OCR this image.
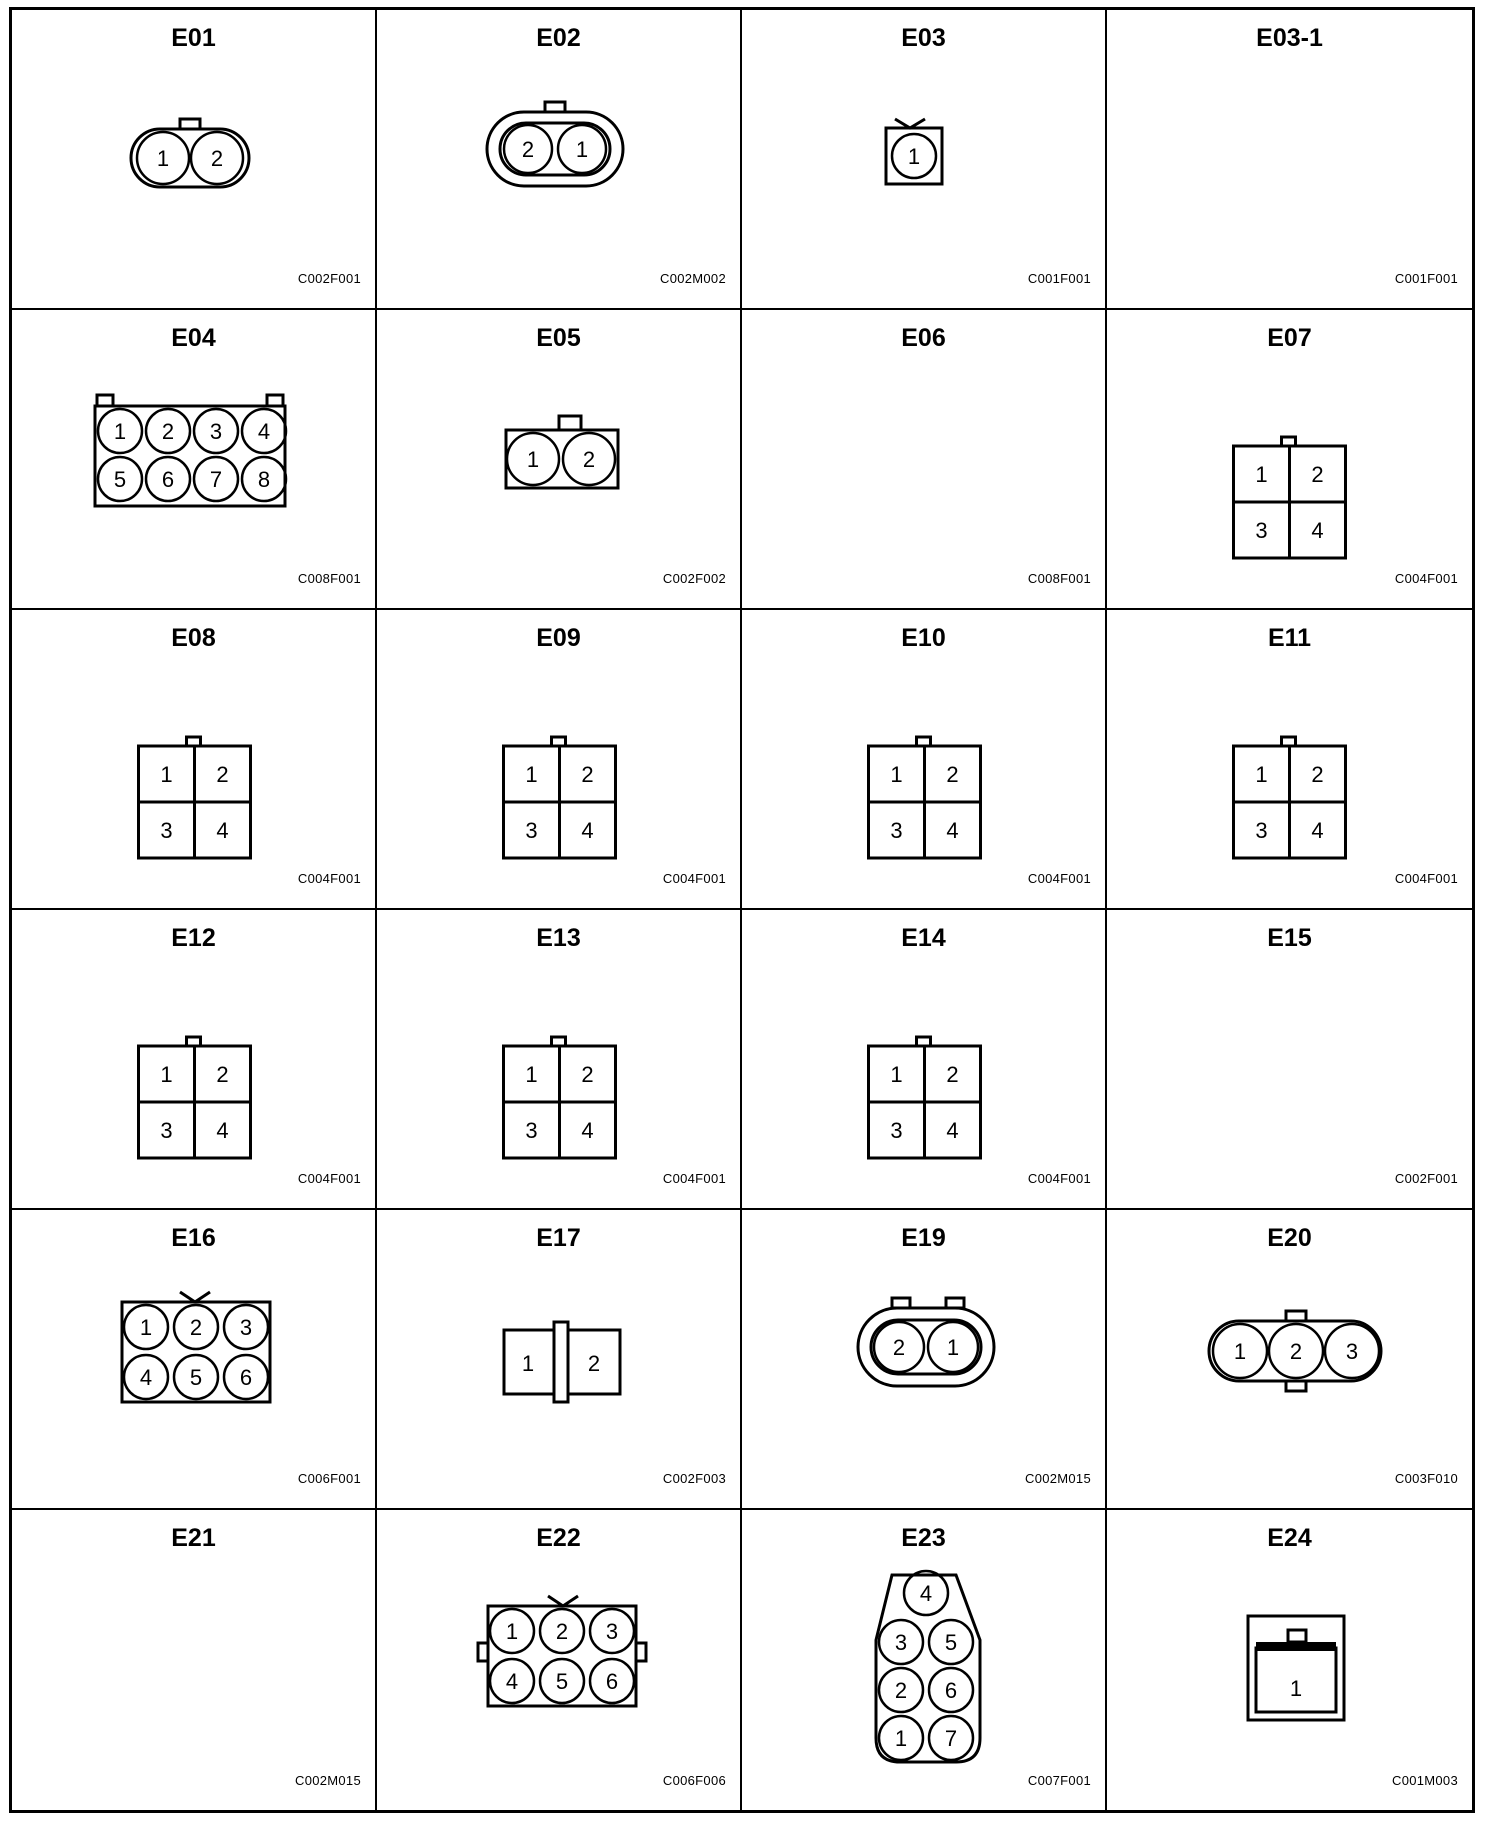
E01
1 2
C002F001
E02
2 1
C002M002
E03
1
C001F001
E03-1
C001F001
E04
1 2 3 4
5 6 7 8
C008F001
E05
1 2
C002F002
E06
C008F001
E07
1 2
3 4
C004F001
E08
1 2
3 4
C004F001
E09
1 2
3 4
C004F001
E10
1 2
3 4
C004F001
E11
1 2
3 4
C004F001
E12
1 2
3 4
C004F001
E13
1 2
3 4
C004F001
E14
1 2
3 4
C004F001
E15
C002F001
E16
1 2 3
4 5 6
C006F001
E17
1 2
C002F003
E19
2 1
C002M015
E20
1 2 3
C003F010
E21
C002M015
E22
1 2 3
4 5 6
C006F006
E23
4
3 5
2 6
1 7
C007F001
E24
1
C001M003
